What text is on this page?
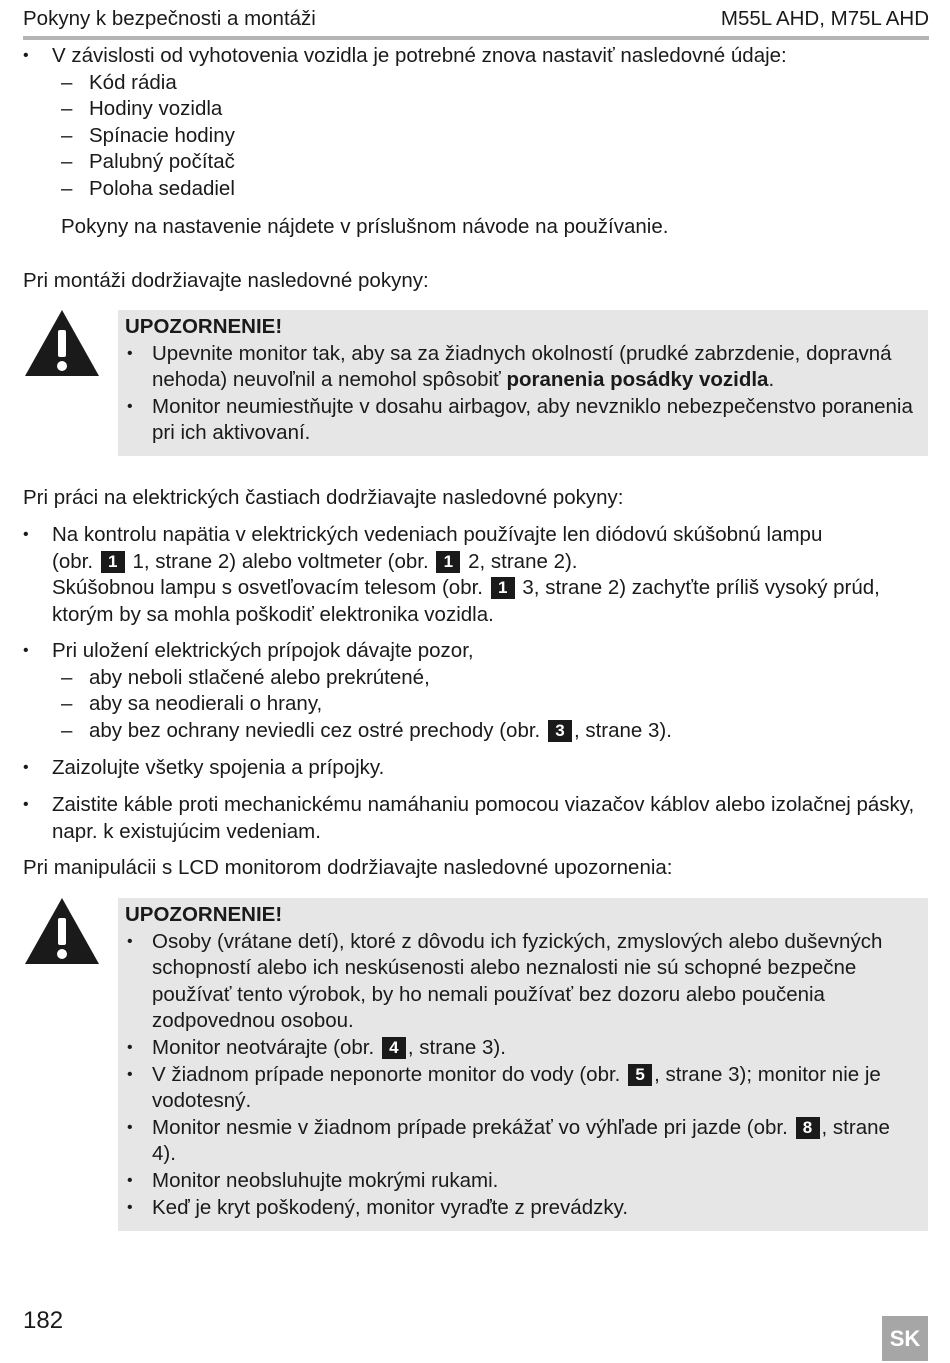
Pokyny k bezpečnosti a montáži	M55L AHD, M75L AHD
• V závislosti od vyhotovenia vozidla je potrebné znova nastaviť nasledovné údaje:
– Kód rádia
– Hodiny vozidla
– Spínacie hodiny
– Palubný počítač
– Poloha sedadiel
Pokyny na nastavenie nájdete v príslušnom návode na používanie.
Pri montáži dodržiavajte nasledovné pokyny:
UPOZORNENIE!
• Upevnite monitor tak, aby sa za žiadnych okolností (prudké zabrzdenie, dopravná nehoda) neuvoľnil a nemohol spôsobiť poranenia posádky vozidla.
• Monitor neumiestňujte v dosahu airbagov, aby nevzniklo nebezpečenstvo poranenia pri ich aktivovaní.
Pri práci na elektrických častiach dodržiavajte nasledovné pokyny:
• Na kontrolu napätia v elektrických vedeniach používajte len diódovú skúšobnú lampu
(obr. 1 1, strane 2) alebo voltmeter (obr. 1 2, strane 2).
Skúšobnou lampu s osvetľovacím telesom (obr. 1 3, strane 2) zachyťte príliš vysoký prúd,
ktorým by sa mohla poškodiť elektronika vozidla.
• Pri uložení elektrických prípojok dávajte pozor,
– aby neboli stlačené alebo prekrútené,
– aby sa neodierali o hrany,
– aby bez ochrany neviedli cez ostré prechody (obr. 3 , strane 3).
• Zaizolujte všetky spojenia a prípojky.
• Zaistite káble proti mechanickému namáhaniu pomocou viazačov káblov alebo izolačnej pásky, napr. k existujúcim vedeniam.
Pri manipulácii s LCD monitorom dodržiavajte nasledovné upozornenia:
UPOZORNENIE!
• Osoby (vrátane detí), ktoré z dôvodu ich fyzických, zmyslových alebo duševných schopností alebo ich neskúsenosti alebo neznalosti nie sú schopné bezpečne používať tento výrobok, by ho nemali používať bez dozoru alebo poučenia zodpovednou osobou.
• Monitor neotvárajte (obr. 4 , strane 3).
• V žiadnom prípade neponorte monitor do vody (obr. 5 , strane 3); monitor nie je vodotesný.
• Monitor nesmie v žiadnom prípade prekážať vo výhľade pri jazde (obr. 8 , strane 4).
• Monitor neobsluhujte mokrými rukami.
• Keď je kryt poškodený, monitor vyraďte z prevádzky.
182
SK
